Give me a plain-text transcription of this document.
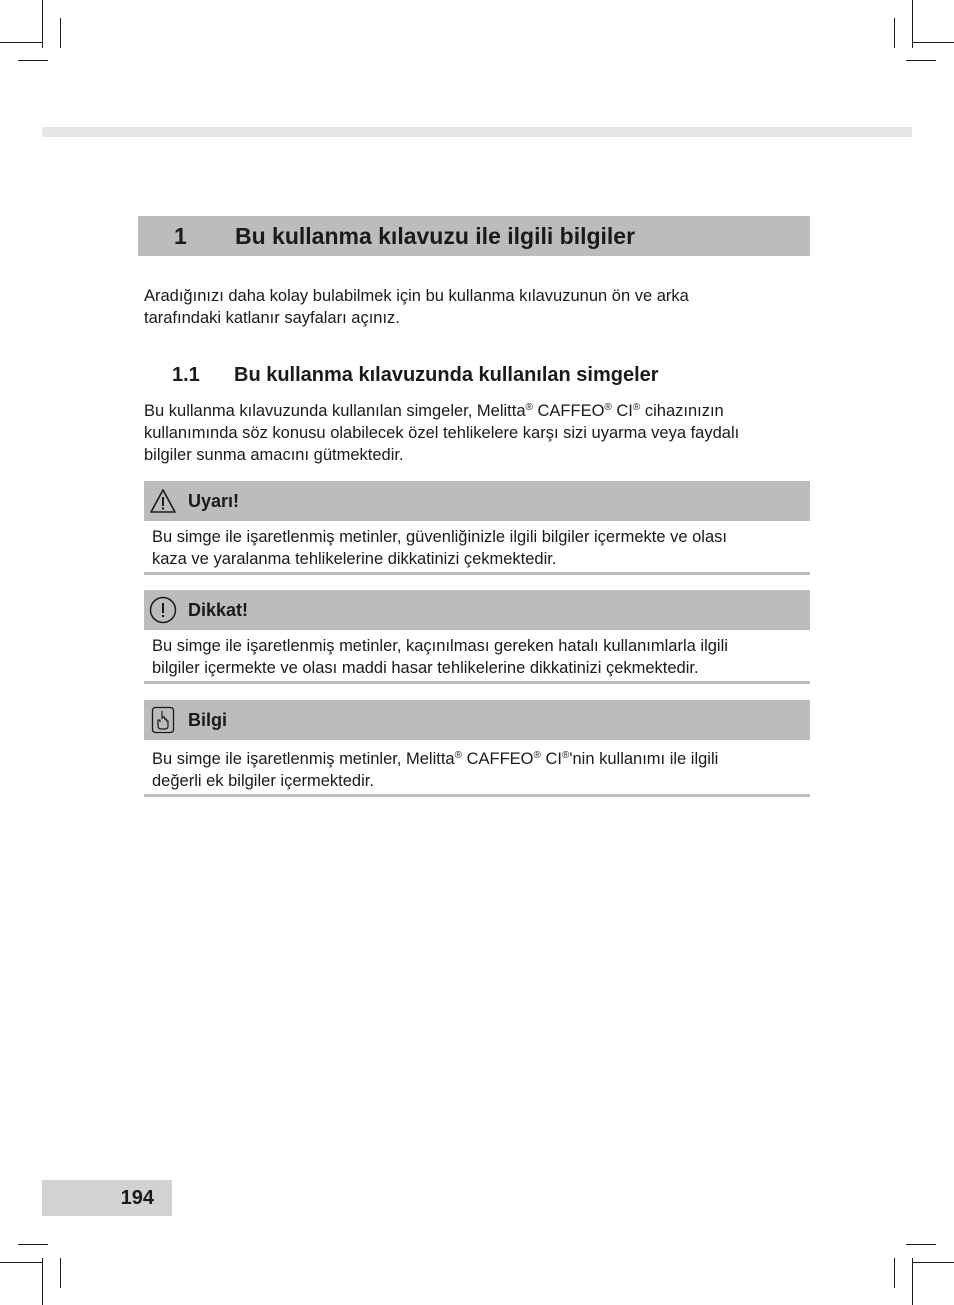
1 Bu kullanma kılavuzu ile ilgili bilgiler
Aradığınızı daha kolay bulabilmek için bu kullanma kılavuzunun ön ve arka
tarafındaki katlanır sayfaları açınız.
1.1 Bu kullanma kılavuzunda kullanılan simgeler
Bu kullanma kılavuzunda kullanılan simgeler, Melitta® CAFFEO® CI® cihazınızın
kullanımında söz konusu olabilecek özel tehlikelere karşı sizi uyarma veya faydalı
bilgiler sunma amacını gütmektedir.
Uyarı!
Bu simge ile işaretlenmiş metinler, güvenliğinizle ilgili bilgiler içermekte ve olası
kaza ve yaralanma tehlikelerine dikkatinizi çekmektedir.
Dikkat!
Bu simge ile işaretlenmiş metinler, kaçınılması gereken hatalı kullanımlarla ilgili
bilgiler içermekte ve olası maddi hasar tehlikelerine dikkatinizi çekmektedir.
Bilgi
Bu simge ile işaretlenmiş metinler, Melitta® CAFFEO® CI®'nin kullanımı ile ilgili
değerli ek bilgiler içermektedir.
194
